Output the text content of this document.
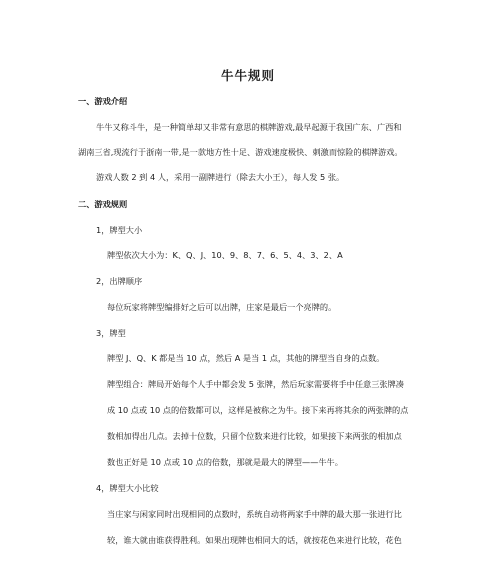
牛牛规则
一、游戏介绍
牛牛又称斗牛，是一种简单却又非常有意思的棋牌游戏,最早起源于我国广东、广西和
湖南三省,现流行于浙南一带,是一款地方性十足、游戏速度极快、刺激而惊险的棋牌游戏。
游戏人数 2 到 4 人，采用一副牌进行（除去大小王），每人发 5 张。
二、游戏规则
1，牌型大小
牌型依次大小为：K、Q、J、10、9、8、7、6、5、4、3、2、A
2，出牌顺序
每位玩家将牌型编排好之后可以出牌，庄家是最后一个亮牌的。
3，牌型
牌型 J、Q、K 都是当 10 点，然后 A 是当 1 点，其他的牌型当自身的点数。
牌型组合：牌局开始每个人手中都会发 5 张牌，然后玩家需要将手中任意三张牌凑
成 10 点或 10 点的倍数都可以，这样是被称之为牛。接下来再将其余的两张牌的点
数相加得出几点。去掉十位数，只留个位数来进行比较，如果接下来两张的相加点
数也正好是 10 点或 10 点的倍数，那就是最大的牌型——牛牛。
4，牌型大小比较
当庄家与闲家同时出现相同的点数时，系统自动将两家手中牌的最大那一张进行比
较，谁大就由谁获得胜利。如果出现牌也相同大的话，就按花色来进行比较，花色
